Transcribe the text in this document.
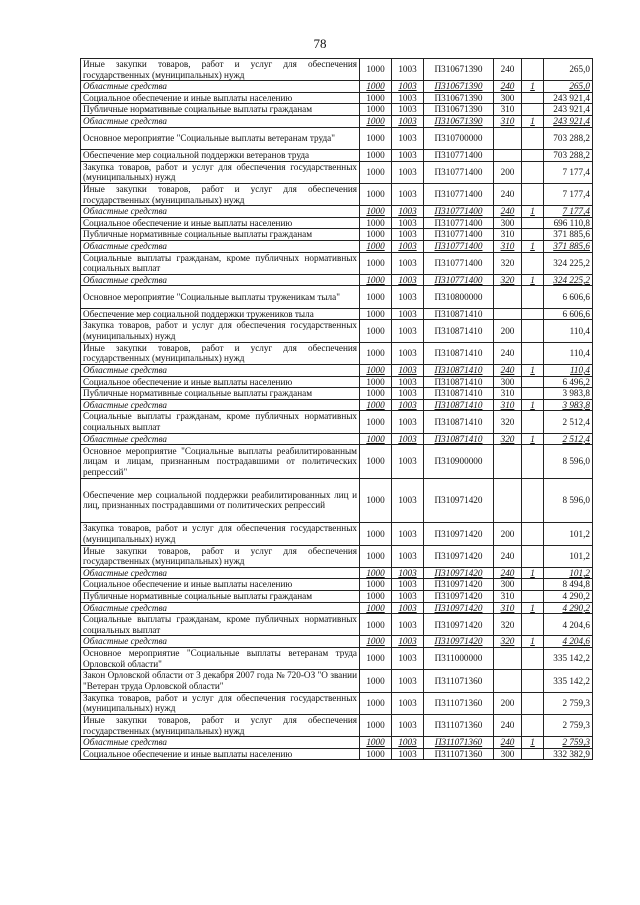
78
Иные закупки товаров, работ и услуг для обеспечения государственных (муниципальных) нужд	1000	1003	П310671390	240		265,0
Областные средства	1000	1003	П310671390	240	1	265,0
Социальное обеспечение и иные выплаты населению	1000	1003	П310671390	300		243 921,4
Публичные нормативные социальные выплаты гражданам	1000	1003	П310671390	310		243 921,4
Областные средства	1000	1003	П310671390	310	1	243 921,4
Основное мероприятие "Социальные выплаты ветеранам труда"	1000	1003	П310700000			703 288,2
Обеспечение мер социальной поддержки ветеранов труда	1000	1003	П310771400			703 288,2
Закупка товаров, работ и услуг для обеспечения государственных (муниципальных) нужд	1000	1003	П310771400	200		7 177,4
Иные закупки товаров, работ и услуг для обеспечения государственных (муниципальных) нужд	1000	1003	П310771400	240		7 177,4
Областные средства	1000	1003	П310771400	240	1	7 177,4
Социальное обеспечение и иные выплаты населению	1000	1003	П310771400	300		696 110,8
Публичные нормативные социальные выплаты гражданам	1000	1003	П310771400	310		371 885,6
Областные средства	1000	1003	П310771400	310	1	371 885,6
Социальные выплаты гражданам, кроме публичных нормативных социальных выплат	1000	1003	П310771400	320		324 225,2
Областные средства	1000	1003	П310771400	320	1	324 225,2
Основное мероприятие "Социальные выплаты труженикам тыла"	1000	1003	П310800000			6 606,6
Обеспечение мер социальной поддержки тружеников тыла	1000	1003	П310871410			6 606,6
Закупка товаров, работ и услуг для обеспечения государственных (муниципальных) нужд	1000	1003	П310871410	200		110,4
Иные закупки товаров, работ и услуг для обеспечения государственных (муниципальных) нужд	1000	1003	П310871410	240		110,4
Областные средства	1000	1003	П310871410	240	1	110,4
Социальное обеспечение и иные выплаты населению	1000	1003	П310871410	300		6 496,2
Публичные нормативные социальные выплаты гражданам	1000	1003	П310871410	310		3 983,8
Областные средства	1000	1003	П310871410	310	1	3 983,8
Социальные выплаты гражданам, кроме публичных нормативных социальных выплат	1000	1003	П310871410	320		2 512,4
Областные средства	1000	1003	П310871410	320	1	2 512,4
Основное мероприятие "Социальные выплаты реабилитированным лицам и лицам, признанным пострадавшими от политических репрессий"	1000	1003	П310900000			8 596,0
Обеспечение мер социальной поддержки реабилитированных лиц и лиц, признанных пострадавшими от политических репрессий	1000	1003	П310971420			8 596,0
Закупка товаров, работ и услуг для обеспечения государственных (муниципальных) нужд	1000	1003	П310971420	200		101,2
Иные закупки товаров, работ и услуг для обеспечения государственных (муниципальных) нужд	1000	1003	П310971420	240		101,2
Областные средства	1000	1003	П310971420	240	1	101,2
Социальное обеспечение и иные выплаты населению	1000	1003	П310971420	300		8 494,8
Публичные нормативные социальные выплаты гражданам	1000	1003	П310971420	310		4 290,2
Областные средства	1000	1003	П310971420	310	1	4 290,2
Социальные выплаты гражданам, кроме публичных нормативных социальных выплат	1000	1003	П310971420	320		4 204,6
Областные средства	1000	1003	П310971420	320	1	4 204,6
Основное мероприятие "Социальные выплаты ветеранам труда Орловской области"	1000	1003	П311000000			335 142,2
Закон Орловской области от 3 декабря 2007 года № 720-ОЗ "О звании "Ветеран труда Орловской области"	1000	1003	П311071360			335 142,2
Закупка товаров, работ и услуг для обеспечения государственных (муниципальных) нужд	1000	1003	П311071360	200		2 759,3
Иные закупки товаров, работ и услуг для обеспечения государственных (муниципальных) нужд	1000	1003	П311071360	240		2 759,3
Областные средства	1000	1003	П311071360	240	1	2 759,3
Социальное обеспечение и иные выплаты населению	1000	1003	П311071360	300		332 382,9
